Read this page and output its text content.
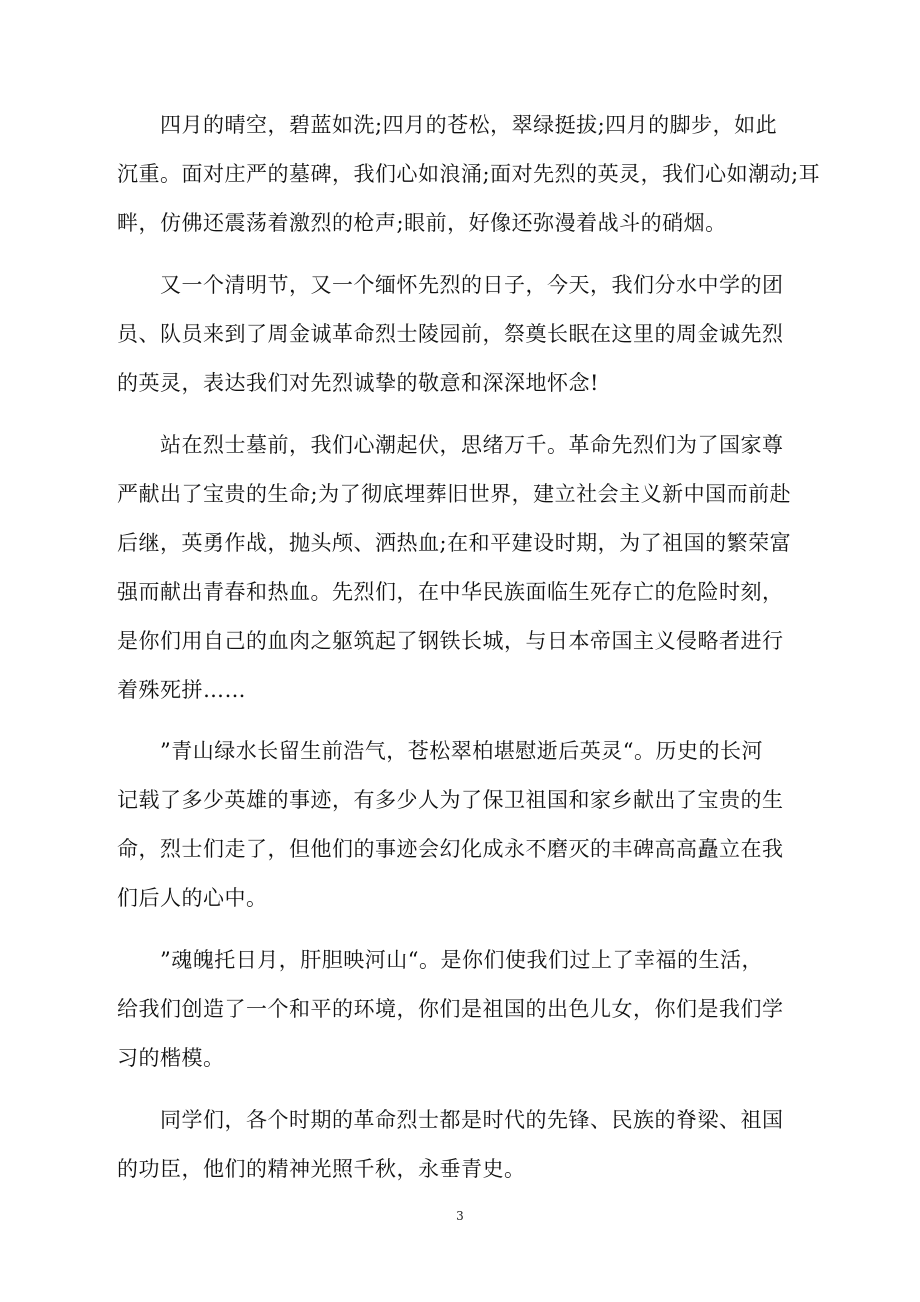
四月的晴空，碧蓝如洗;四月的苍松，翠绿挺拔;四月的脚步，如此

沉重。面对庄严的墓碑，我们心如浪涌;面对先烈的英灵，我们心如潮动;耳

畔，仿佛还震荡着激烈的枪声;眼前，好像还弥漫着战斗的硝烟。

又一个清明节，又一个缅怀先烈的日子，今天，我们分水中学的团

员、队员来到了周金诚革命烈士陵园前，祭奠长眠在这里的周金诚先烈

的英灵，表达我们对先烈诚挚的敬意和深深地怀念!

站在烈士墓前，我们心潮起伏，思绪万千。革命先烈们为了国家尊

严献出了宝贵的生命;为了彻底埋葬旧世界，建立社会主义新中国而前赴

后继，英勇作战，抛头颅、洒热血;在和平建设时期，为了祖国的繁荣富

强而献出青春和热血。先烈们，在中华民族面临生死存亡的危险时刻，

是你们用自己的血肉之躯筑起了钢铁长城，与日本帝国主义侵略者进行

着殊死拼……

”青山绿水长留生前浩气，苍松翠柏堪慰逝后英灵“。历史的长河

记载了多少英雄的事迹，有多少人为了保卫祖国和家乡献出了宝贵的生

命，烈士们走了，但他们的事迹会幻化成永不磨灭的丰碑高高矗立在我

们后人的心中。

”魂魄托日月，肝胆映河山“。是你们使我们过上了幸福的生活，

给我们创造了一个和平的环境，你们是祖国的出色儿女，你们是我们学

习的楷模。

同学们，各个时期的革命烈士都是时代的先锋、民族的脊梁、祖国

的功臣，他们的精神光照千秋，永垂青史。

3
